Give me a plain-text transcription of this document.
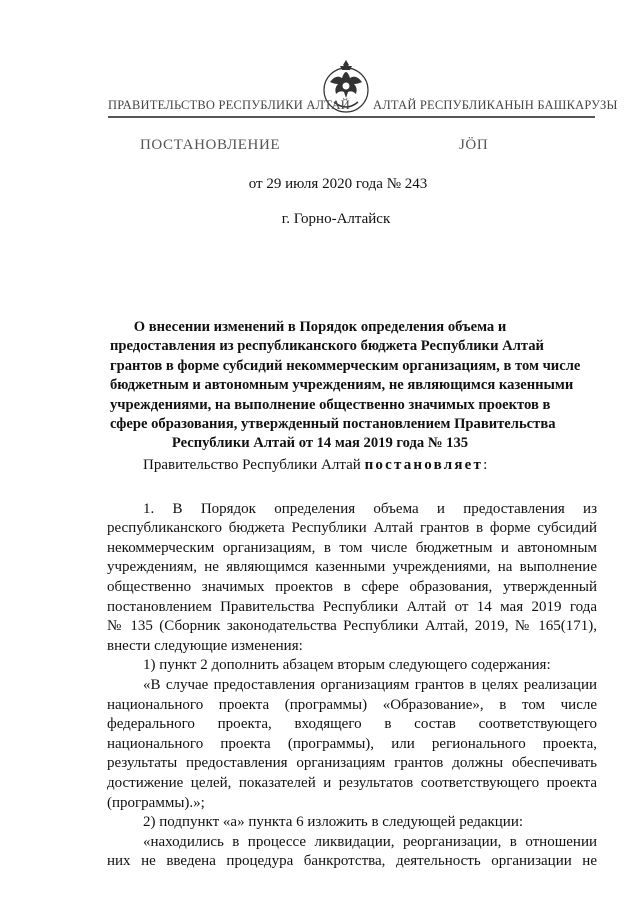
ПРАВИТЕЛЬСТВО РЕСПУБЛИКИ АЛТАЙ АЛТАЙ РЕСПУБЛИКАНЫН БАШКАРУЗЫ
ПОСТАНОВЛЕНИЕ	ЈӦП
от 29 июля 2020 года № 243
г. Горно-Алтайск
О внесении изменений в Порядок определения объема и
предоставления из республиканского бюджета Республики Алтай
грантов в форме субсидий некоммерческим организациям, в том числе
бюджетным и автономным учреждениям, не являющимся казенными
учреждениями, на выполнение общественно значимых проектов в
сфере образования, утвержденный постановлением Правительства
Республики Алтай от 14 мая 2019 года № 135
Правительство Республики Алтай постановляет:
1. В Порядок определения объема и предоставления из
республиканского бюджета Республики Алтай грантов в форме субсидий
некоммерческим организациям, в том числе бюджетным и автономным
учреждениям, не являющимся казенными учреждениями, на выполнение
общественно значимых проектов в сфере образования, утвержденный
постановлением Правительства Республики Алтай от 14 мая 2019 года
№ 135 (Сборник законодательства Республики Алтай, 2019, № 165(171),
внести следующие изменения:
1) пункт 2 дополнить абзацем вторым следующего содержания:
«В случае предоставления организациям грантов в целях реализации
национального проекта (программы) «Образование», в том числе
федерального проекта, входящего в состав соответствующего
национального проекта (программы), или регионального проекта,
результаты предоставления организациям грантов должны обеспечивать
достижение целей, показателей и результатов соответствующего проекта
(программы).»;
2) подпункт «а» пункта 6 изложить в следующей редакции:
«находились в процессе ликвидации, реорганизации, в отношении
них не введена процедура банкротства, деятельность организации не
